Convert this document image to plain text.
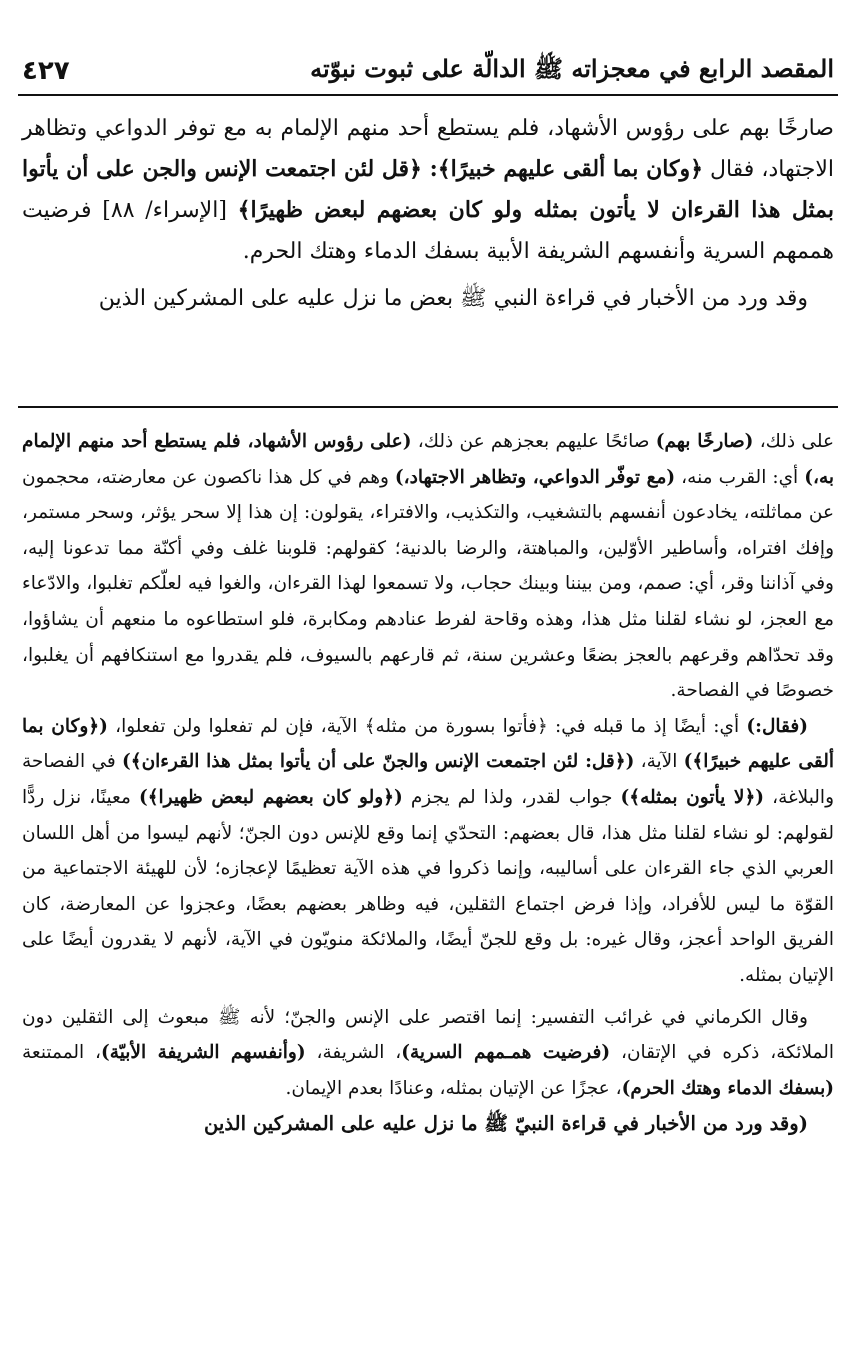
٤٢٧	المقصد الرابع في معجزاته ﷺ الدالّة على ثبوت نبوّته

صارخًا بهم على رؤوس الأشهاد، فلم يستطع أحد منهم الإلمام به مع توفر الدواعي وتظاهر الاجتهاد، فقال ﴿وكان بما ألقى عليهم خبيرًا﴾: ﴿قل لئن اجتمعت الإنس والجن على أن يأتوا بمثل هذا القرءان لا يأتون بمثله ولو كان بعضهم لبعض ظهيرًا﴾ [الإسراء/ ٨٨] فرضيت هممهم السرية وأنفسهم الشريفة الأبية بسفك الدماء وهتك الحرم.

وقد ورد من الأخبار في قراءة النبي ﷺ بعض ما نزل عليه على المشركين الذين

على ذلك، (صارخًا بهم) صائحًا عليهم بعجزهم عن ذلك، (على رؤوس الأشهاد، فلم يستطع أحد منهم الإلمام به،) أي: القرب منه، (مع توفّر الدواعي، وتظاهر الاجتهاد،) وهم في كل هذا ناكصون عن معارضته، محجمون عن مماثلته، يخادعون أنفسهم بالتشغيب، والتكذيب، والافتراء، يقولون: إن هذا إلا سحر يؤثر، وسحر مستمر، وإفك افتراه، وأساطير الأوّلين، والمباهتة، والرضا بالدنية؛ كقولهم: قلوبنا غلف وفي أكنّة مما تدعونا إليه، وفي آذاننا وقر، أي: صمم، ومن بيننا وبينك حجاب، ولا تسمعوا لهذا القرءان، والغوا فيه لعلّكم تغلبوا، والادّعاء مع العجز، لو نشاء لقلنا مثل هذا، وهذه وقاحة لفرط عنادهم ومكابرة، فلو استطاعوه ما منعهم أن يشاؤوا، وقد تحدّاهم وقرعهم بالعجز بضعًا وعشرين سنة، ثم قارعهم بالسيوف، فلم يقدروا مع استنكافهم أن يغلبوا، خصوصًا في الفصاحة.

(فقال:) أي: أيضًا إذ ما قبله في: ﴿فأتوا بسورة من مثله﴾ الآية، فإن لم تفعلوا ولن تفعلوا، (﴿وكان بما ألقى عليهم خبيرًا﴾) الآية، (﴿قل: لئن اجتمعت الإنس والجنّ على أن يأتوا بمثل هذا القرءان﴾) في الفصاحة والبلاغة، (﴿لا يأتون بمثله﴾) جواب لقدر، ولذا لم يجزم (﴿ولو كان بعضهم لبعض ظهيرا﴾) معينًا، نزل ردًّا لقولهم: لو نشاء لقلنا مثل هذا، قال بعضهم: التحدّي إنما وقع للإنس دون الجنّ؛ لأنهم ليسوا من أهل اللسان العربي الذي جاء القرءان على أساليبه، وإنما ذكروا في هذه الآية تعظيمًا لإعجازه؛ لأن للهيئة الاجتماعية من القوّة ما ليس للأفراد، وإذا فرض اجتماع الثقلين، فيه وظاهر بعضهم بعضًا، وعجزوا عن المعارضة، كان الفريق الواحد أعجز، وقال غيره: بل وقع للجنّ أيضًا، والملائكة منويّون في الآية، لأنهم لا يقدرون أيضًا على الإتيان بمثله.

وقال الكرماني في غرائب التفسير: إنما اقتصر على الإنس والجنّ؛ لأنه ﷺ مبعوث إلى الثقلين دون الملائكة، ذكره في الإتقان، (فرضيت همـمهم السرية)، الشريفة، (وأنفسهم الشريفة الأبيّة)، الممتنعة (بسفك الدماء وهتك الحرم)، عجزًا عن الإتيان بمثله، وعنادًا بعدم الإيمان.

(وقد ورد من الأخبار في قراءة النبيّ ﷺ ما نزل عليه على المشركين الذين
